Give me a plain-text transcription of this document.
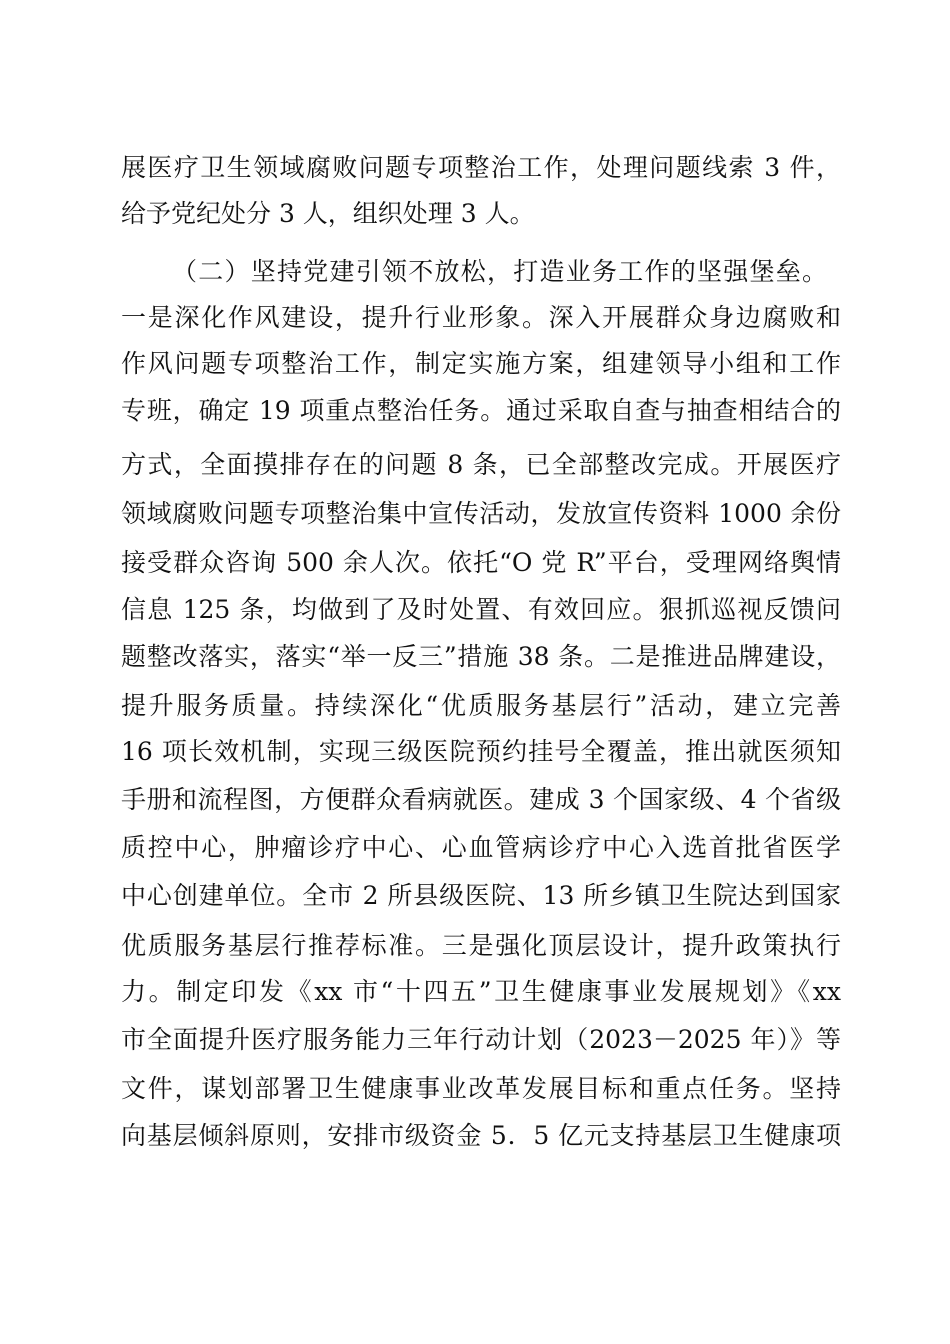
展医疗卫生领域腐败问题专项整治工作，处理问题线索 3 件，
给予党纪处分 3 人，组织处理 3 人。
（二）坚持党建引领不放松，打造业务工作的坚强堡垒。
一是深化作风建设，提升行业形象。深入开展群众身边腐败和
作风问题专项整治工作，制定实施方案，组建领导小组和工作
专班，确定 19 项重点整治任务。通过采取自查与抽查相结合的
方式，全面摸排存在的问题 8 条，已全部整改完成。开展医疗
领域腐败问题专项整治集中宣传活动，发放宣传资料 1000 余份
接受群众咨询 500 余人次。依托“O 党 R”平台，受理网络舆情
信息 125 条，均做到了及时处置、有效回应。狠抓巡视反馈问
题整改落实，落实“举一反三”措施 38 条。二是推进品牌建设，
提升服务质量。持续深化“优质服务基层行”活动，建立完善
16 项长效机制，实现三级医院预约挂号全覆盖，推出就医须知
手册和流程图，方便群众看病就医。建成 3 个国家级、4 个省级
质控中心，肿瘤诊疗中心、心血管病诊疗中心入选首批省医学
中心创建单位。全市 2 所县级医院、13 所乡镇卫生院达到国家
优质服务基层行推荐标准。三是强化顶层设计，提升政策执行
力。制定印发《xx 市“十四五”卫生健康事业发展规划》《xx
市全面提升医疗服务能力三年行动计划（2023－2025 年）》等
文件，谋划部署卫生健康事业改革发展目标和重点任务。坚持
向基层倾斜原则，安排市级资金 5．5 亿元支持基层卫生健康项
